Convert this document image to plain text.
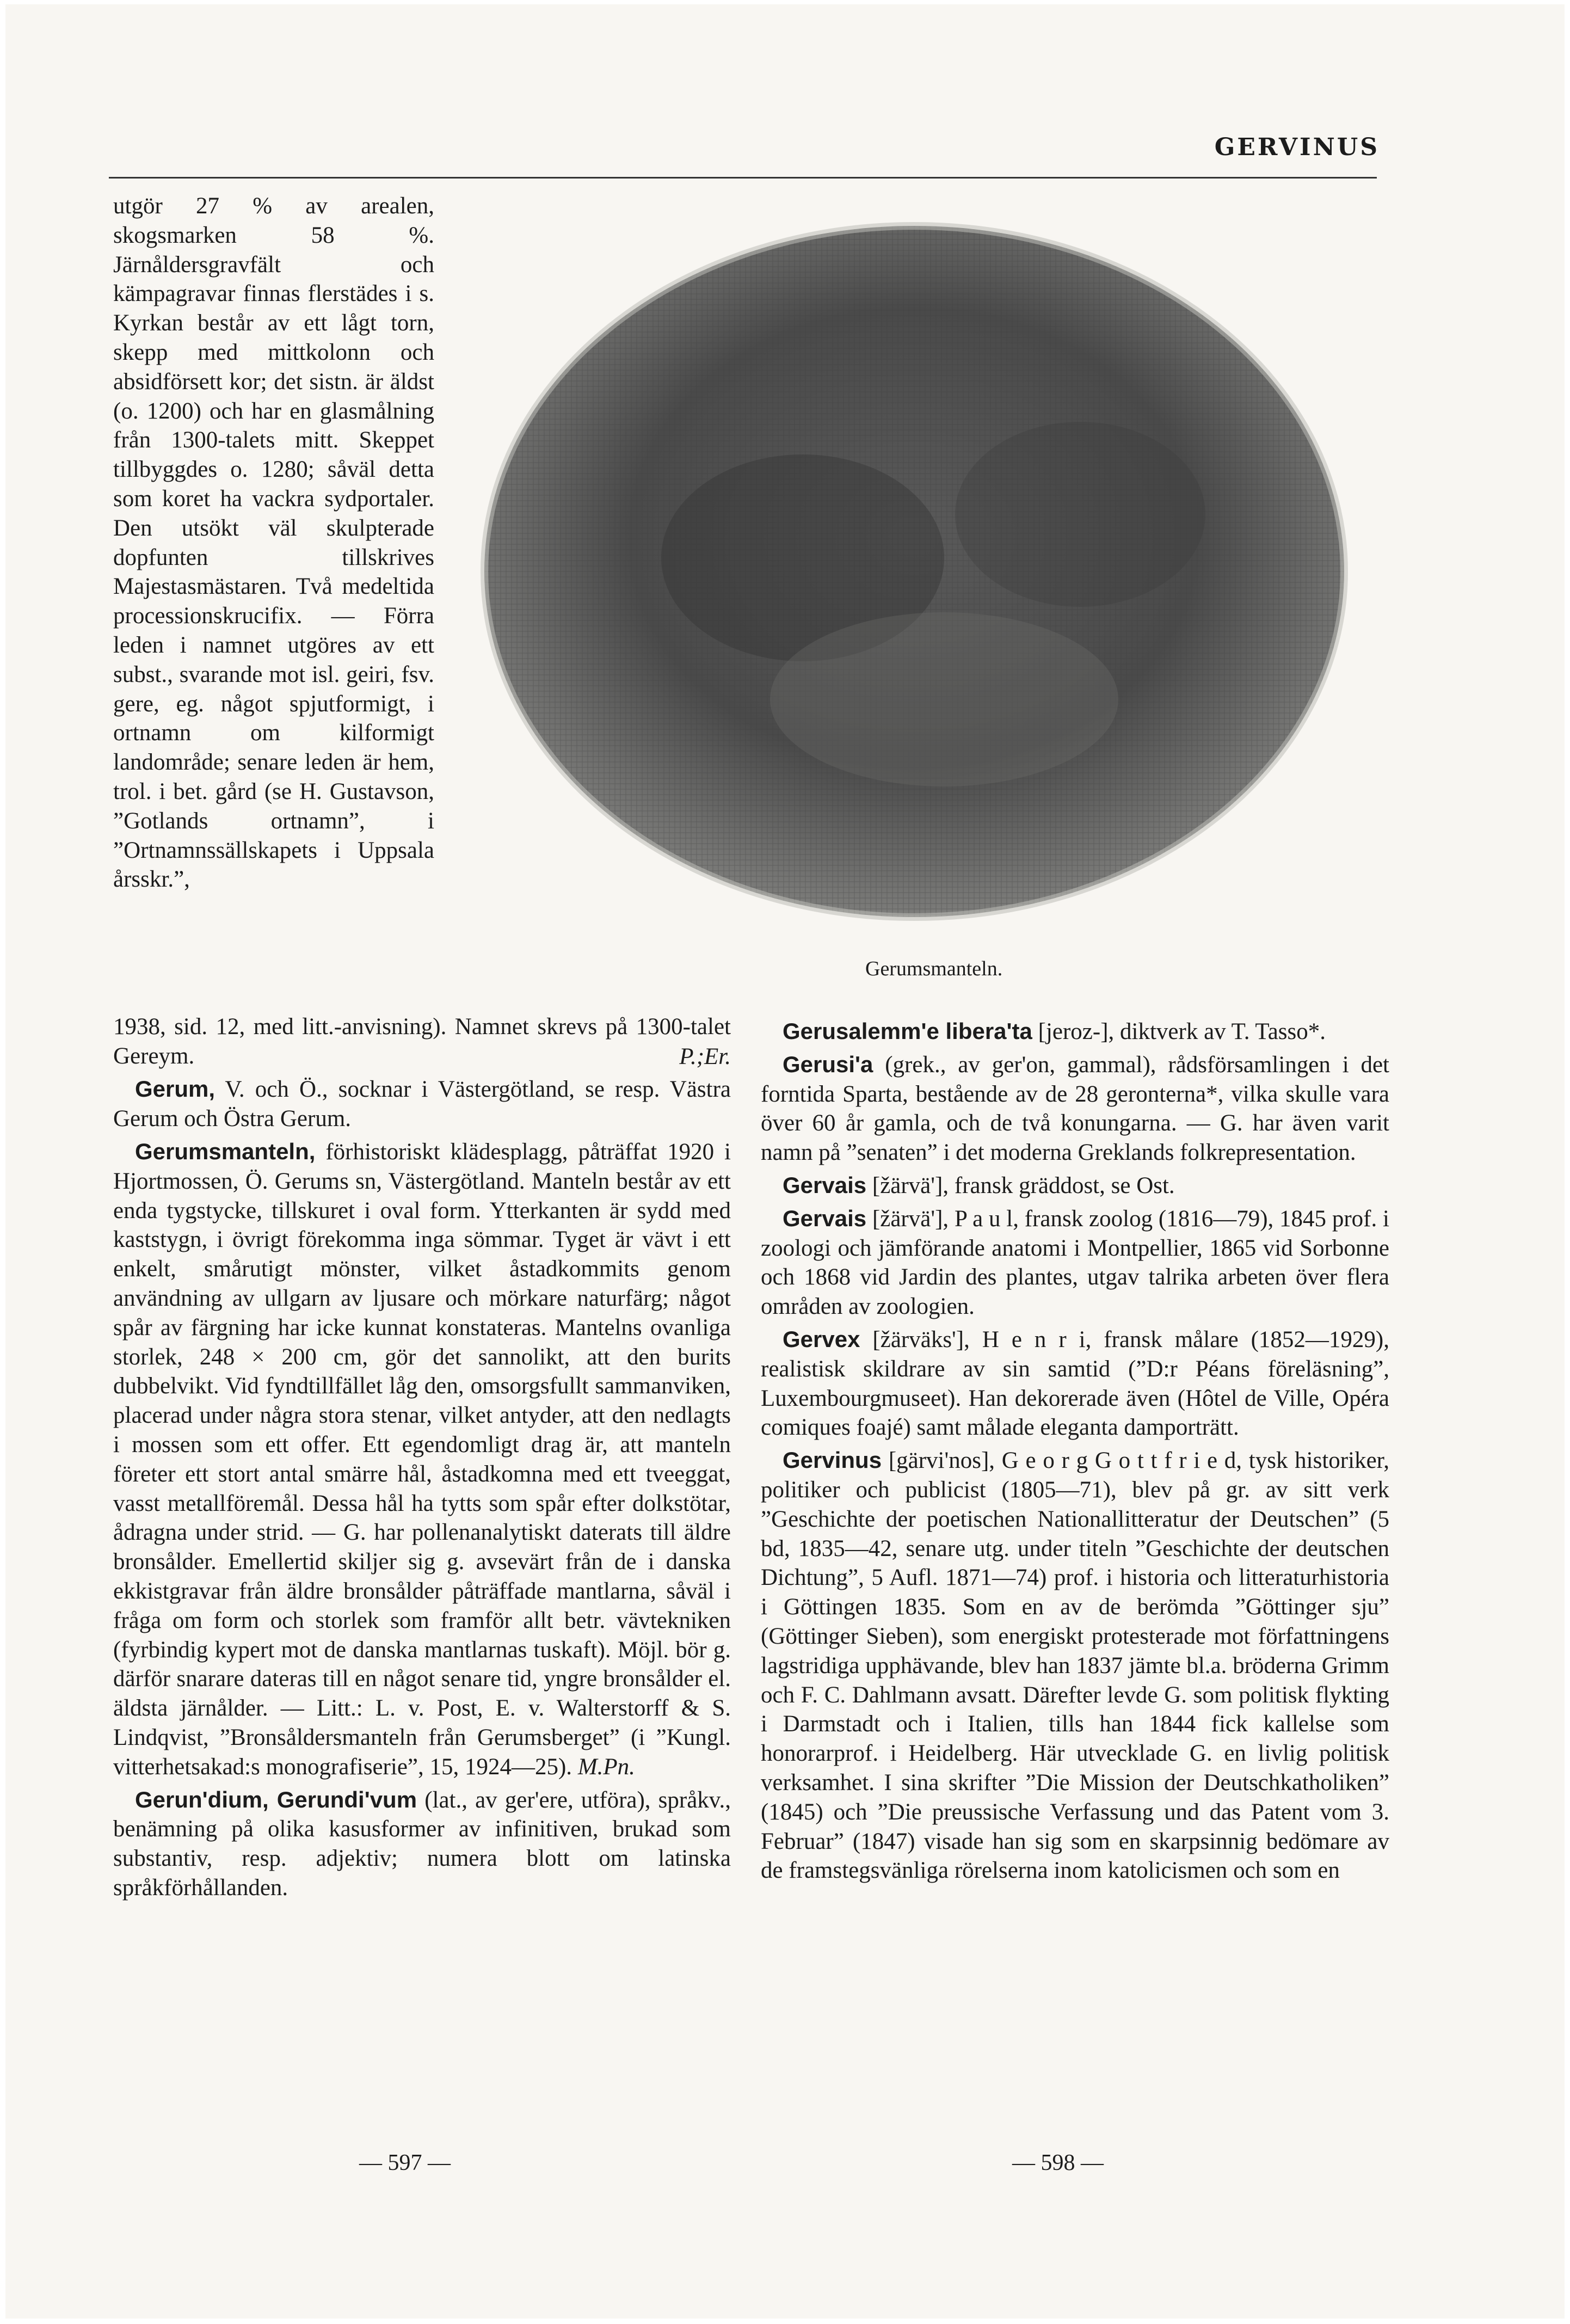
GERVINUS

utgör 27 % av arealen, skogsmarken 58 %. Järnåldersgravfält och kämpagravar finnas flerstädes i s. Kyrkan består av ett lågt torn, skepp med mittkolonn och absidförsett kor; det sistn. är äldst (o. 1200) och har en glasmålning från 1300-talets mitt. Skeppet tillbyggdes o. 1280; såväl detta som koret ha vackra sydportaler. Den utsökt väl skulpterade dopfunten tillskrives Majestasmästaren. Två medeltida processionskrucifix. — Förra leden i namnet utgöres av ett subst., svarande mot isl. geiri, fsv. gere, eg. något spjutformigt, i ortnamn om kilformigt landområde; senare leden är hem, trol. i bet. gård (se H. Gustavson, ”Gotlands ortnamn”, i ”Ortnamnssällskapets i Uppsala årsskr.”,

Gerumsmanteln.

1938, sid. 12, med litt.-anvisning). Namnet skrevs på 1300-talet Gereym.	P.;Er.

Gerum, V. och Ö., socknar i Västergötland, se resp. Västra Gerum och Östra Gerum.

Gerumsmanteln, förhistoriskt klädesplagg, påträffat 1920 i Hjortmossen, Ö. Gerums sn, Västergötland. Manteln består av ett enda tygstycke, tillskuret i oval form. Ytterkanten är sydd med kaststygn, i övrigt förekomma inga sömmar. Tyget är vävt i ett enkelt, smårutigt mönster, vilket åstadkommits genom användning av ullgarn av ljusare och mörkare naturfärg; något spår av färgning har icke kunnat konstateras. Mantelns ovanliga storlek, 248 × 200 cm, gör det sannolikt, att den burits dubbelvikt. Vid fyndtillfället låg den, omsorgsfullt sammanviken, placerad under några stora stenar, vilket antyder, att den nedlagts i mossen som ett offer. Ett egendomligt drag är, att manteln företer ett stort antal smärre hål, åstadkomna med ett tveeggat, vasst metallföremål. Dessa hål ha tytts som spår efter dolkstötar, ådragna under strid. — G. har pollenanalytiskt daterats till äldre bronsålder. Emellertid skiljer sig g. avsevärt från de i danska ekkistgravar från äldre bronsålder påträffade mantlarna, såväl i fråga om form och storlek som framför allt betr. vävtekniken (fyrbindig kypert mot de danska mantlarnas tuskaft). Möjl. bör g. därför snarare dateras till en något senare tid, yngre bronsålder el. äldsta järnålder. — Litt.: L. v. Post, E. v. Walterstorff & S. Lindqvist, ”Bronsåldersmanteln från Gerumsberget” (i ”Kungl. vitterhetsakad:s monografiserie”, 15, 1924—25). M.Pn.

Gerun'dium, Gerundi'vum (lat., av ger'ere, utföra), språkv., benämning på olika kasusformer av infinitiven, brukad som substantiv, resp. adjektiv; numera blott om latinska språkförhållanden.

Gerusalemm'e libera'ta [jeroz-], diktverk av T. Tasso*.

Gerusi'a (grek., av ger'on, gammal), rådsförsamlingen i det forntida Sparta, bestående av de 28 geronterna*, vilka skulle vara över 60 år gamla, och de två konungarna. — G. har även varit namn på ”senaten” i det moderna Greklands folkrepresentation.

Gervais [žärvä'], fransk gräddost, se Ost.

Gervais [žärvä'], P a u l, fransk zoolog (1816—79), 1845 prof. i zoologi och jämförande anatomi i Montpellier, 1865 vid Sorbonne och 1868 vid Jardin des plantes, utgav talrika arbeten över flera områden av zoologien.

Gervex [žärväks'], H e n r i, fransk målare (1852—1929), realistisk skildrare av sin samtid (”D:r Péans föreläsning”, Luxembourgmuseet). Han dekorerade även (Hôtel de Ville, Opéra comiques foajé) samt målade eleganta damporträtt.

Gervinus [gärvi'nos], G e o r g G o t t f r i e d, tysk historiker, politiker och publicist (1805—71), blev på gr. av sitt verk ”Geschichte der poetischen Nationallitteratur der Deutschen” (5 bd, 1835—42, senare utg. under titeln ”Geschichte der deutschen Dichtung”, 5 Aufl. 1871—74) prof. i historia och litteraturhistoria i Göttingen 1835. Som en av de berömda ”Göttinger sju” (Göttinger Sieben), som energiskt protesterade mot författningens lagstridiga upphävande, blev han 1837 jämte bl.a. bröderna Grimm och F. C. Dahlmann avsatt. Därefter levde G. som politisk flykting i Darmstadt och i Italien, tills han 1844 fick kallelse som honorarprof. i Heidelberg. Här utvecklade G. en livlig politisk verksamhet. I sina skrifter ”Die Mission der Deutschkatholiken” (1845) och ”Die preussische Verfassung und das Patent vom 3. Februar” (1847) visade han sig som en skarpsinnig bedömare av de framstegsvänliga rörelserna inom katolicismen och som en

— 597 —	— 598 —
